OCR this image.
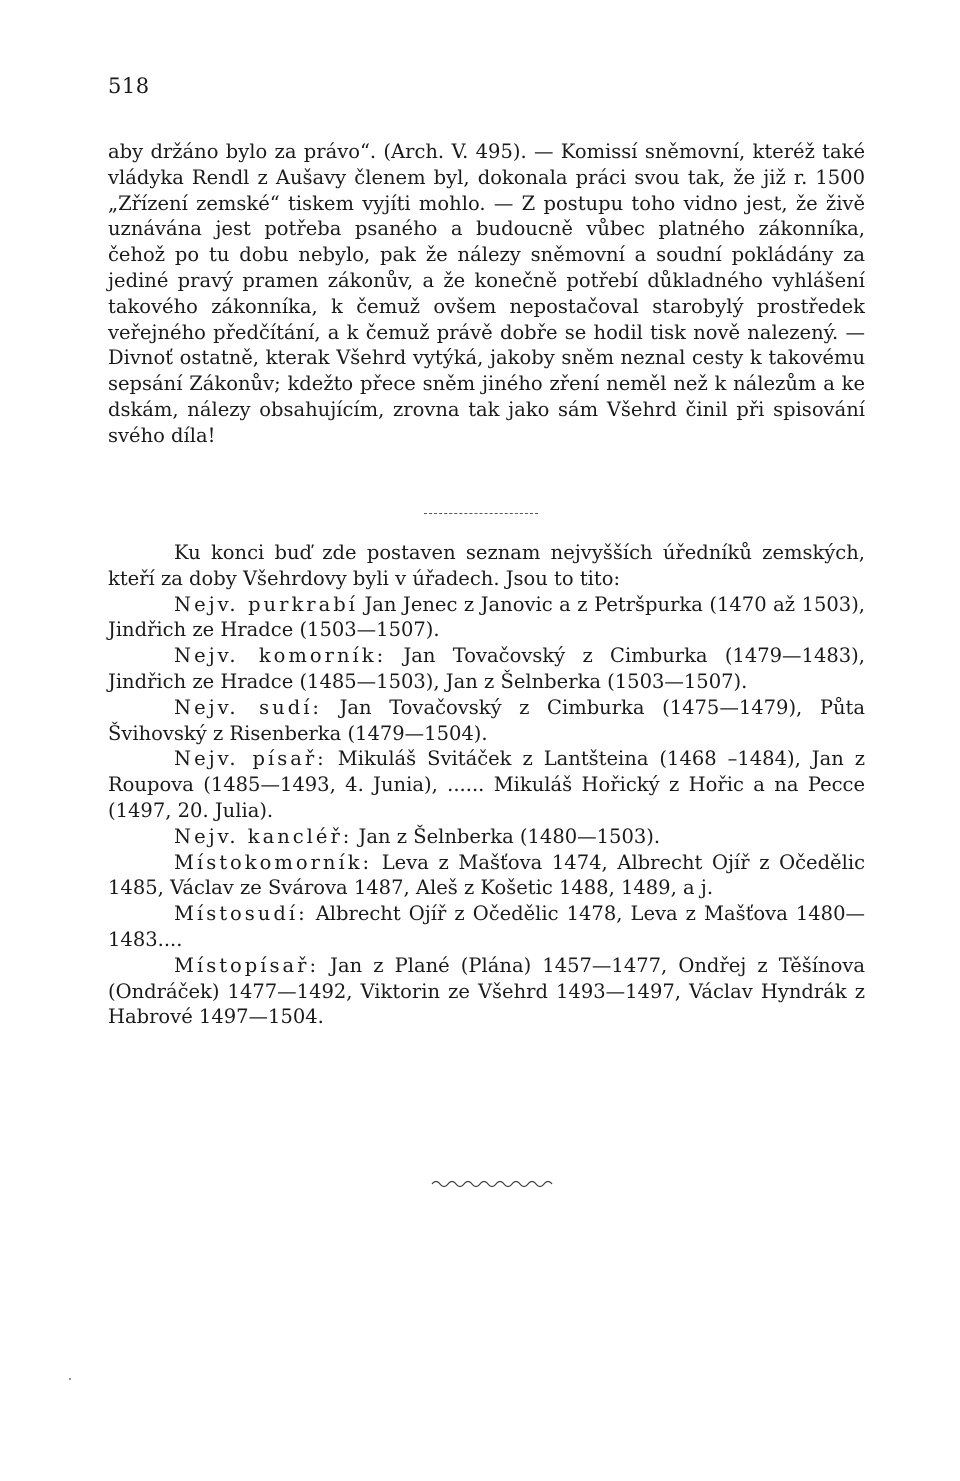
518

aby držáno bylo za právo“. (Arch. V. 495). — Komissí sněmovní, kteréž také vládyka Rendl z Aušavy členem byl, dokonala práci svou tak, že již r. 1500 „Zřízení zemské“ tiskem vyjíti mohlo. — Z postupu toho vidno jest, že živě uznávána jest potřeba psaného a budoucně vůbec platného zákonníka, čehož po tu dobu nebylo, pak že nálezy sněmovní a soudní pokládány za jediné pravý pramen zákonův, a že konečně potřebí důkladného vyhlášení takového zákonníka, k čemuž ovšem nepostačoval starobylý prostředek veřejného předčítání, a k čemuž právě dobře se hodil tisk nově nalezený. — Divnoť ostatně, kterak Všehrd vytýká, jakoby sněm neznal cesty k takovému sepsání Zákonův; kdežto přece sněm jiného zření neměl než k nálezům a ke dskám, nálezy obsahujícím, zrovna tak jako sám Všehrd činil při spisování svého díla!

Ku konci buď zde postaven seznam nejvyšších úředníků zemských, kteří za doby Všehrdovy byli v úřadech. Jsou to tito:

Nejv. purkrabí Jan Jenec z Janovic a z Petršpurka (1470 až 1503), Jindřich ze Hradce (1503—1507).

Nejv. komorník: Jan Tovačovský z Cimburka (1479—1483), Jindřich ze Hradce (1485—1503), Jan z Šelnberka (1503—1507).

Nejv. sudí: Jan Tovačovský z Cimburka (1475—1479), Půta Švihovský z Risenberka (1479—1504).

Nejv. písař: Mikuláš Svitáček z Lantšteina (1468 –1484), Jan z Roupova (1485—1493, 4. Junia), ...... Mikuláš Hořický z Hořic a na Pecce (1497, 20. Julia).

Nejv. kancléř: Jan z Šelnberka (1480—1503).

Místokomorník: Leva z Mašťova 1474, Albrecht Ojíř z Očedělic 1485, Václav ze Svárova 1487, Aleš z Košetic 1488, 1489, a j.

Místosudí: Albrecht Ojíř z Očedělic 1478, Leva z Mašťova 1480—1483....

Místopísař: Jan z Plané (Plána) 1457—1477, Ondřej z Těšínova (Ondráček) 1477—1492, Viktorin ze Všehrd 1493—1497, Václav Hyndrák z Habrové 1497—1504.
